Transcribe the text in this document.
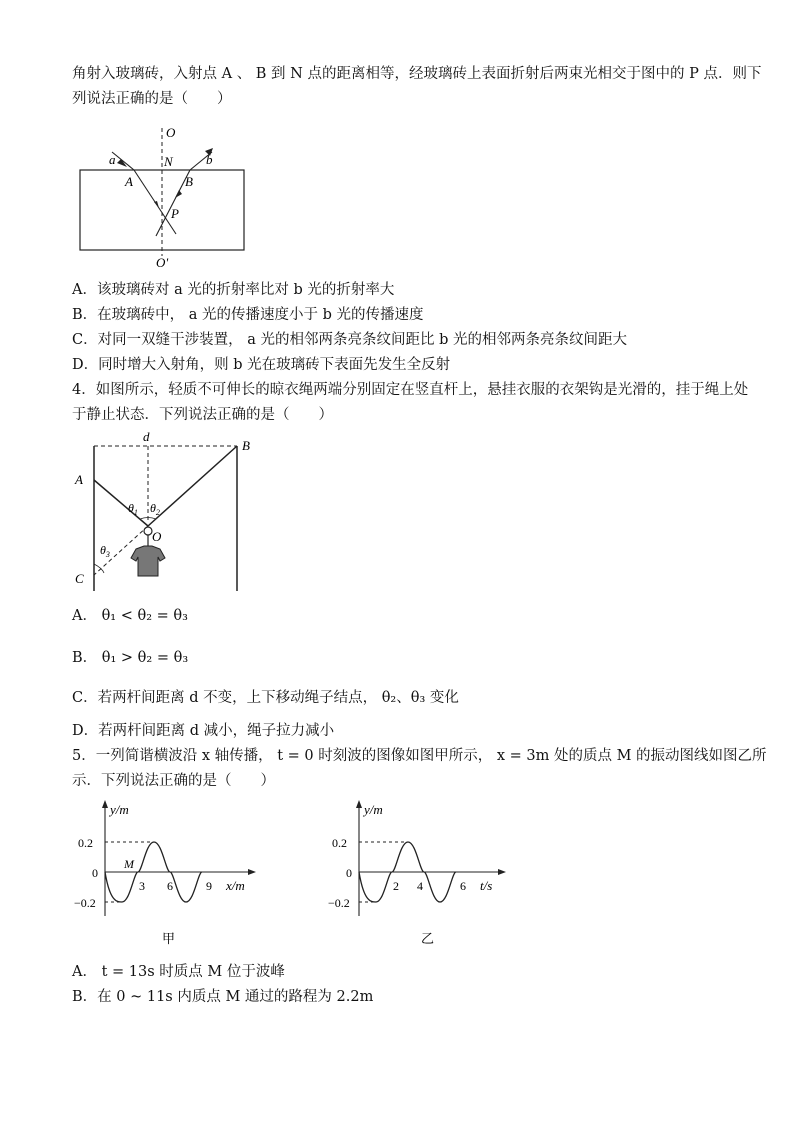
角射入玻璃砖，入射点 A 、 B 到 N 点的距离相等，经玻璃砖上表面折射后两束光相交于图中的 P 点．则下
列说法正确的是（　　）
O
N
a	b
A	B
P
O'
A．该玻璃砖对 a 光的折射率比对 b 光的折射率大
B．在玻璃砖中， a 光的传播速度小于 b 光的传播速度
C．对同一双缝干涉装置， a 光的相邻两条亮条纹间距比 b 光的相邻两条亮条纹间距大
D．同时增大入射角，则 b 光在玻璃砖下表面先发生全反射
4．如图所示，轻质不可伸长的晾衣绳两端分别固定在竖直杆上，悬挂衣服的衣架钩是光滑的，挂于绳上处
于静止状态．下列说法正确的是（　　）
d
B
A
C
O
$\theta_1$ $\theta_2$
$\theta_3$
A． θ₁ < θ₂ = θ₃
B． θ₁ > θ₂ = θ₃
C．若两杆间距离 d 不变，上下移动绳子结点， θ₂、θ₃ 变化
D．若两杆间距离 d 减小，绳子拉力减小
5．一列简谐横波沿 x 轴传播， t = 0 时刻波的图像如图甲所示， x = 3m 处的质点 M 的振动图线如图乙所
示．下列说法正确的是（　　）
y/m
x/m
0.2
0
−0.2
3 6	9
M
甲
y/m
t/s
0.2
0
−0.2
2 4	6
乙
A． t = 13s 时质点 M 位于波峰
B．在 0 ~ 11s 内质点 M 通过的路程为 2.2m
